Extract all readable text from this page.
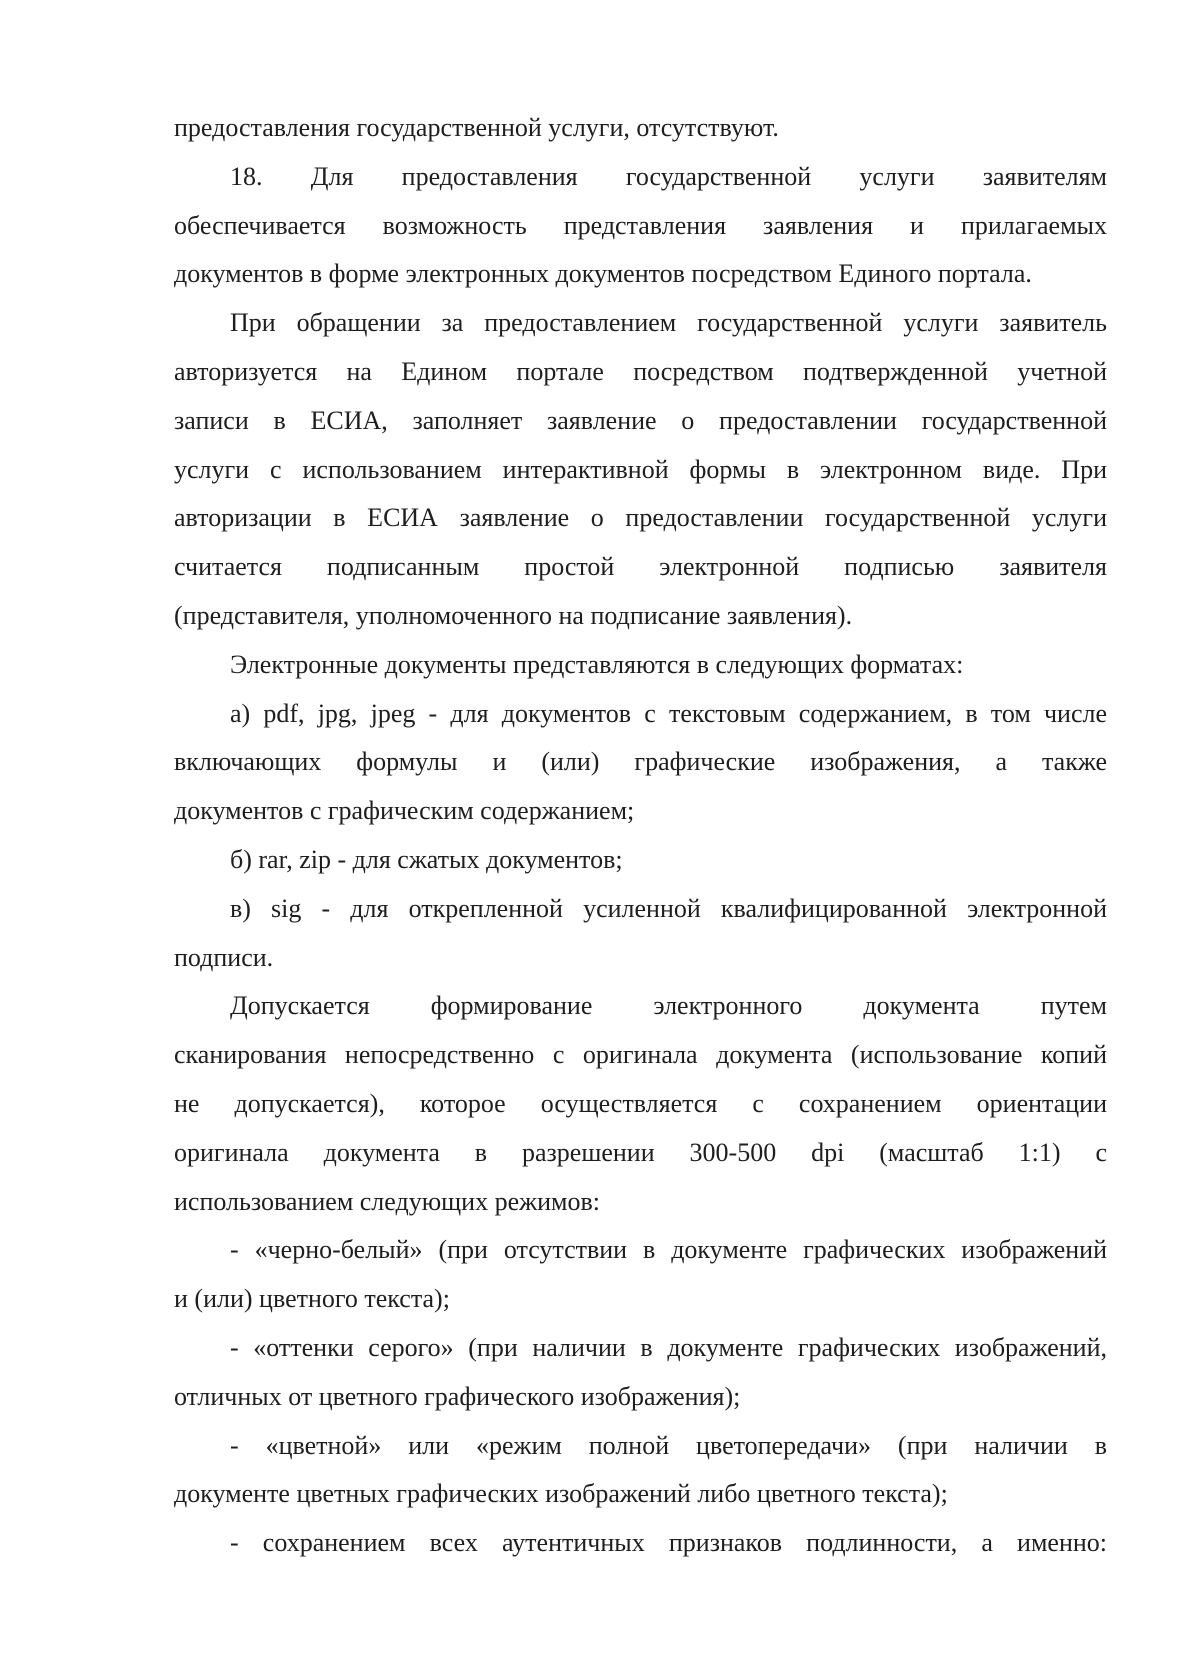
предоставления государственной услуги, отсутствуют.
18. Для предоставления государственной услуги заявителям
обеспечивается возможность представления заявления и прилагаемых
документов в форме электронных документов посредством Единого портала.
При обращении за предоставлением государственной услуги заявитель
авторизуется на Едином портале посредством подтвержденной учетной
записи в ЕСИА, заполняет заявление о предоставлении государственной
услуги с использованием интерактивной формы в электронном виде. При
авторизации в ЕСИА заявление о предоставлении государственной услуги
считается подписанным простой электронной подписью заявителя
(представителя, уполномоченного на подписание заявления).
Электронные документы представляются в следующих форматах:
а) pdf, jpg, jpeg - для документов с текстовым содержанием, в том числе
включающих формулы и (или) графические изображения, а также
документов с графическим содержанием;
б) rar, zip - для сжатых документов;
в) sig - для открепленной усиленной квалифицированной электронной
подписи.
Допускается формирование электронного документа путем
сканирования непосредственно с оригинала документа (использование копий
не допускается), которое осуществляется с сохранением ориентации
оригинала документа в разрешении 300-500 dpi (масштаб 1:1) с
использованием следующих режимов:
- «черно-белый» (при отсутствии в документе графических изображений
и (или) цветного текста);
- «оттенки серого» (при наличии в документе графических изображений,
отличных от цветного графического изображения);
- «цветной» или «режим полной цветопередачи» (при наличии в
документе цветных графических изображений либо цветного текста);
- сохранением всех аутентичных признаков подлинности, а именно:
